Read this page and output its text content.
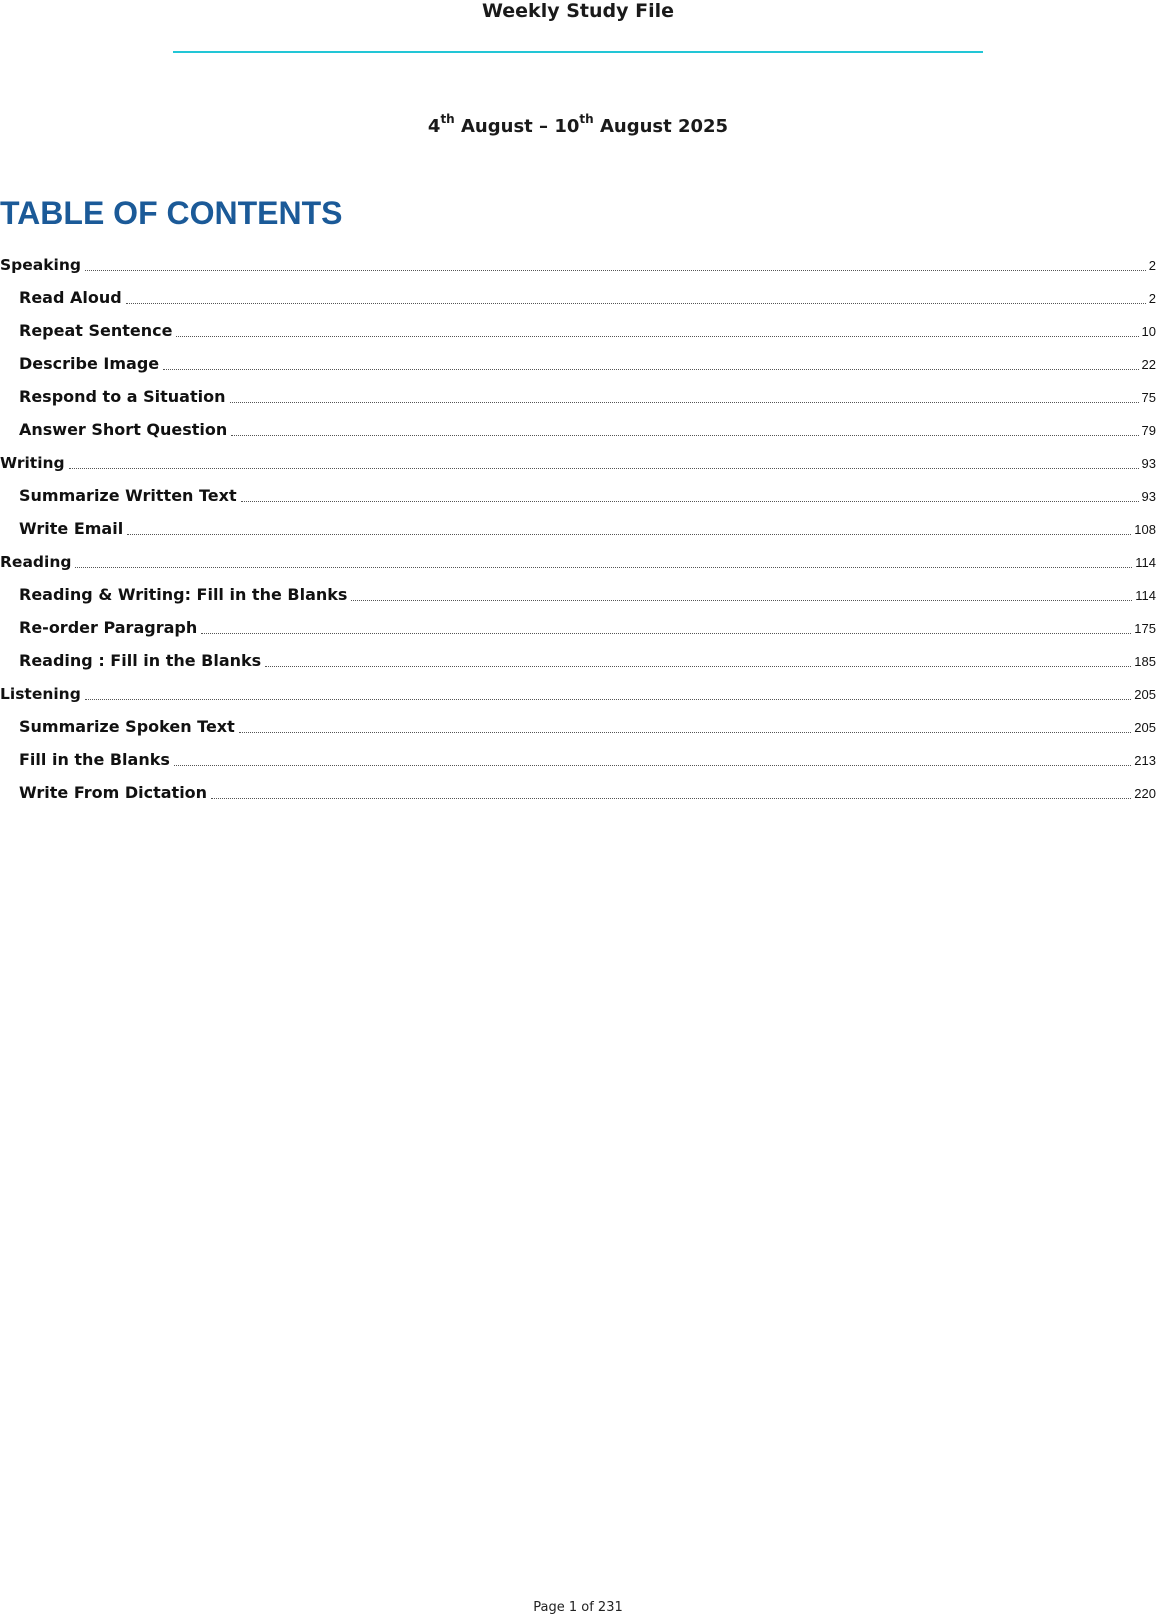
Weekly Study File
4th August – 10th August 2025
TABLE OF CONTENTS
Speaking	2
Read Aloud	2
Repeat Sentence	10
Describe Image	22
Respond to a Situation	75
Answer Short Question	79
Writing	93
Summarize Written Text	93
Write Email	108
Reading	114
Reading & Writing: Fill in the Blanks	114
Re-order Paragraph	175
Reading : Fill in the Blanks	185
Listening	205
Summarize Spoken Text	205
Fill in the Blanks	213
Write From Dictation	220
Page 1 of 231
